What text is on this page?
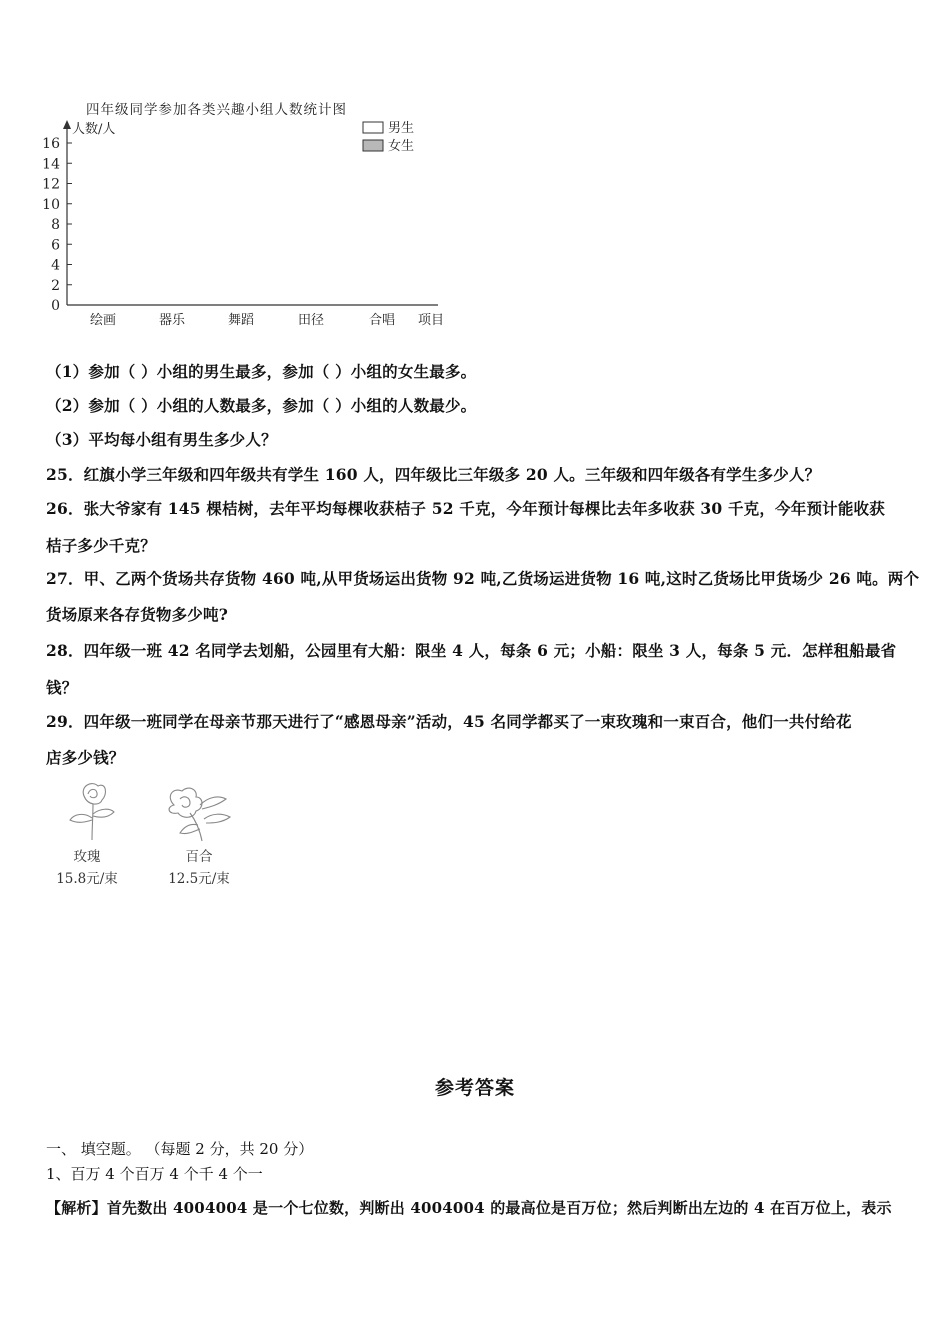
四年级同学参加各类兴趣小组人数统计图
人数/人
0
2
4
6
8
10
12
14
16
绘画	器乐	舞蹈	田径	合唱 项目
男生
女生
（1）参加（ ）小组的男生最多，参加（ ）小组的女生最多。
（2）参加（ ）小组的人数最多，参加（ ）小组的人数最少。
（3）平均每小组有男生多少人？
25．红旗小学三年级和四年级共有学生 160 人，四年级比三年级多 20 人。三年级和四年级各有学生多少人？
26．张大爷家有 145 棵桔树，去年平均每棵收获桔子 52 千克，今年预计每棵比去年多收获 30 千克，今年预计能收获
桔子多少千克？
27．甲、乙两个货场共存货物 460 吨,从甲货场运出货物 92 吨,乙货场运进货物 16 吨,这时乙货场比甲货场少 26 吨。两个
货场原来各存货物多少吨?
28．四年级一班 42 名同学去划船，公园里有大船：限坐 4 人，每条 6 元；小船：限坐 3 人，每条 5 元．怎样租船最省
钱？
29．四年级一班同学在母亲节那天进行了“感恩母亲”活动，45 名同学都买了一束玫瑰和一束百合，他们一共付给花
店多少钱？
玫瑰
15.8元/束
百合
12.5元/束
参考答案
一、 填空题。 （每题 2 分，共 20 分）
1、百万 4 个百万 4 个千 4 个一
【解析】首先数出 4004004 是一个七位数，判断出 4004004 的最高位是百万位；然后判断出左边的 4 在百万位上，表示
